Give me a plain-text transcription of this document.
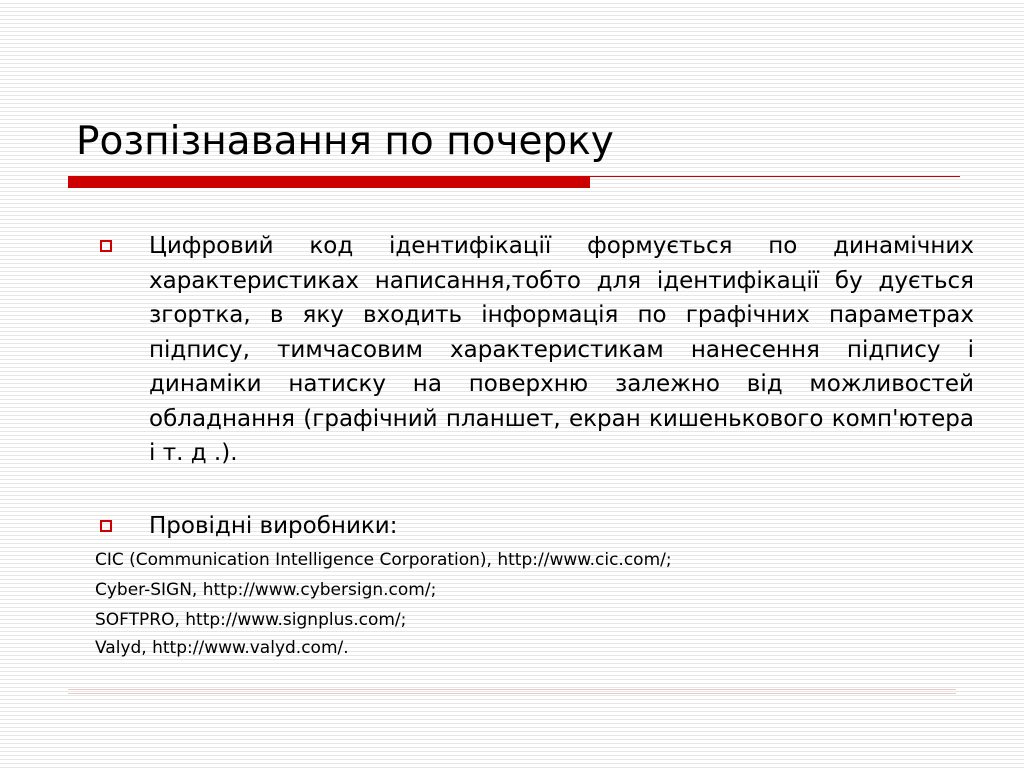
Розпізнавання по почерку
Цифровий код ідентифікації формується по динамічних характеристиках написання,тобто для ідентифікації бу дується згортка, в яку входить інформація по графічних параметрах підпису, тимчасовим характеристикам нанесення підпису і динаміки натиску на поверхню залежно від можливостей обладнання (графічний планшет, екран кишенькового комп'ютера і т. д .).
Провідні виробники:
CIC (Communication Intelligence Corporation), http://www.cic.com/;
Cyber-SIGN, http://www.cybersign.com/;
SOFTPRO, http://www.signplus.com/;
Valyd, http://www.valyd.com/.
